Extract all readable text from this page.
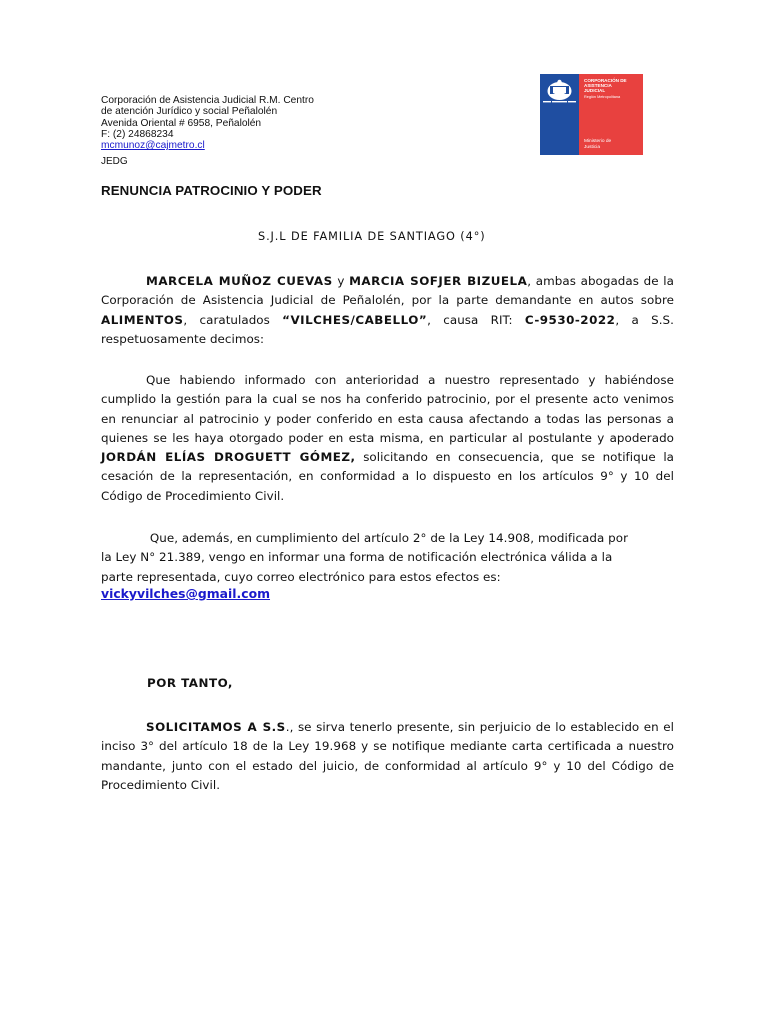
Corporación de Asistencia Judicial R.M. Centro
de atención Jurídico y social Peñalolén
Avenida Oriental # 6958, Peñalolén
F: (2) 24868234
mcmunoz@cajmetro.cl
JEDG
CORPORACIÓN DE
ASISTENCIA
JUDICIAL
Región Metropolitana
Ministerio de
Justicia
RENUNCIA PATROCINIO Y PODER
S.J.L DE FAMILIA DE SANTIAGO (4°)
MARCELA MUÑOZ CUEVAS y MARCIA SOFJER BIZUELA, ambas abogadas de la Corporación de Asistencia Judicial de Peñalolén, por la parte demandante en autos sobre ALIMENTOS, caratulados “VILCHES/CABELLO”, causa RIT: C-9530-2022, a S.S. respetuosamente decimos:
Que habiendo informado con anterioridad a nuestro representado y habiéndose cumplido la gestión para la cual se nos ha conferido patrocinio, por el presente acto venimos en renunciar al patrocinio y poder conferido en esta causa afectando a todas las personas a quienes se les haya otorgado poder en esta misma, en particular al postulante y apoderado JORDÁN ELÍAS DROGUETT GÓMEZ, solicitando en consecuencia, que se notifique la cesación de la representación, en conformidad a lo dispuesto en los artículos 9° y 10 del Código de Procedimiento Civil.
Que, además, en cumplimiento del artículo 2° de la Ley 14.908, modificada por
la Ley N° 21.389, vengo en informar una forma de notificación electrónica válida a la
parte representada, cuyo correo electrónico para estos efectos es:
vickyvilches@gmail.com
POR TANTO,
SOLICITAMOS A S.S., se sirva tenerlo presente, sin perjuicio de lo establecido en el inciso 3° del artículo 18 de la Ley 19.968 y se notifique mediante carta certificada a nuestro mandante, junto con el estado del juicio, de conformidad al artículo 9° y 10 del Código de Procedimiento Civil.
